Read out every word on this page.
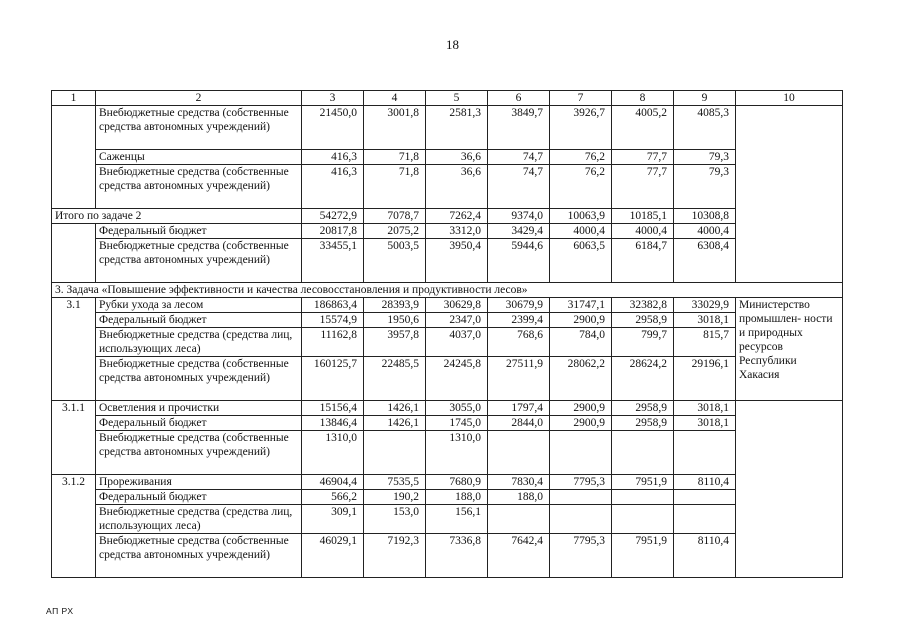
18
1	2	3	4	5	6	7	8	9	10
	Внебюджетные средства (собственные средства автономных учреждений)	21450,0	3001,8	2581,3	3849,7	3926,7	4005,2	4085,3	
	Саженцы	416,3	71,8	36,6	74,7	76,2	77,7	79,3	
	Внебюджетные средства (собственные средства автономных учреждений)	416,3	71,8	36,6	74,7	76,2	77,7	79,3	
Итого по задаче 2		54272,9	7078,7	7262,4	9374,0	10063,9	10185,1	10308,8	
	Федеральный бюджет	20817,8	2075,2	3312,0	3429,4	4000,4	4000,4	4000,4	
	Внебюджетные средства (собственные средства автономных учреждений)	33455,1	5003,5	3950,4	5944,6	6063,5	6184,7	6308,4	
3. Задача «Повышение эффективности и качества лесовосстановления и продуктивности лесов»									
3.1	Рубки ухода за лесом	186863,4	28393,9	30629,8	30679,9	31747,1	32382,8	33029,9	Министерство промышлен- ности и природных ресурсов Республики Хакасия
	Федеральный бюджет	15574,9	1950,6	2347,0	2399,4	2900,9	2958,9	3018,1	
	Внебюджетные средства (средства лиц, использующих леса)	11162,8	3957,8	4037,0	768,6	784,0	799,7	815,7	
	Внебюджетные средства (собственные средства автономных учреждений)	160125,7	22485,5	24245,8	27511,9	28062,2	28624,2	29196,1	
3.1.1	Осветления и прочистки	15156,4	1426,1	3055,0	1797,4	2900,9	2958,9	3018,1	
	Федеральный бюджет	13846,4	1426,1	1745,0	2844,0	2900,9	2958,9	3018,1	
	Внебюджетные средства (собственные средства автономных учреждений)	1310,0		1310,0					
3.1.2	Прореживания	46904,4	7535,5	7680,9	7830,4	7795,3	7951,9	8110,4	
	Федеральный бюджет	566,2	190,2	188,0	188,0				
	Внебюджетные средства (средства лиц, использующих леса)	309,1	153,0	156,1					
	Внебюджетные средства (собственные средства автономных учреждений)	46029,1	7192,3	7336,8	7642,4	7795,3	7951,9	8110,4	
АП РХ
